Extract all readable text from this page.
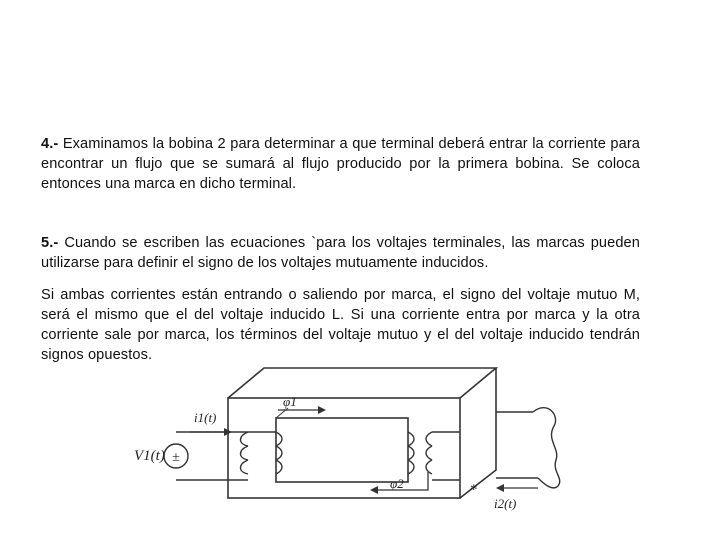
4.- Examinamos la bobina 2 para determinar a que terminal deberá entrar la corriente para encontrar un flujo que se sumará al flujo producido por la primera bobina. Se coloca entonces una marca en dicho terminal.

5.- Cuando se escriben las ecuaciones `para los voltajes terminales, las marcas pueden utilizarse para definir el signo de los voltajes mutuamente inducidos.

Si ambas corrientes están entrando o saliendo por marca, el signo del voltaje mutuo M, será el mismo que el del voltaje inducido L. Si una corriente entra por marca y la otra corriente sale por marca, los términos del voltaje mutuo y el del voltaje inducido tendrán signos opuestos.

±
i1(t)
V1(t)
φ1
φ2	*
i2(t)
